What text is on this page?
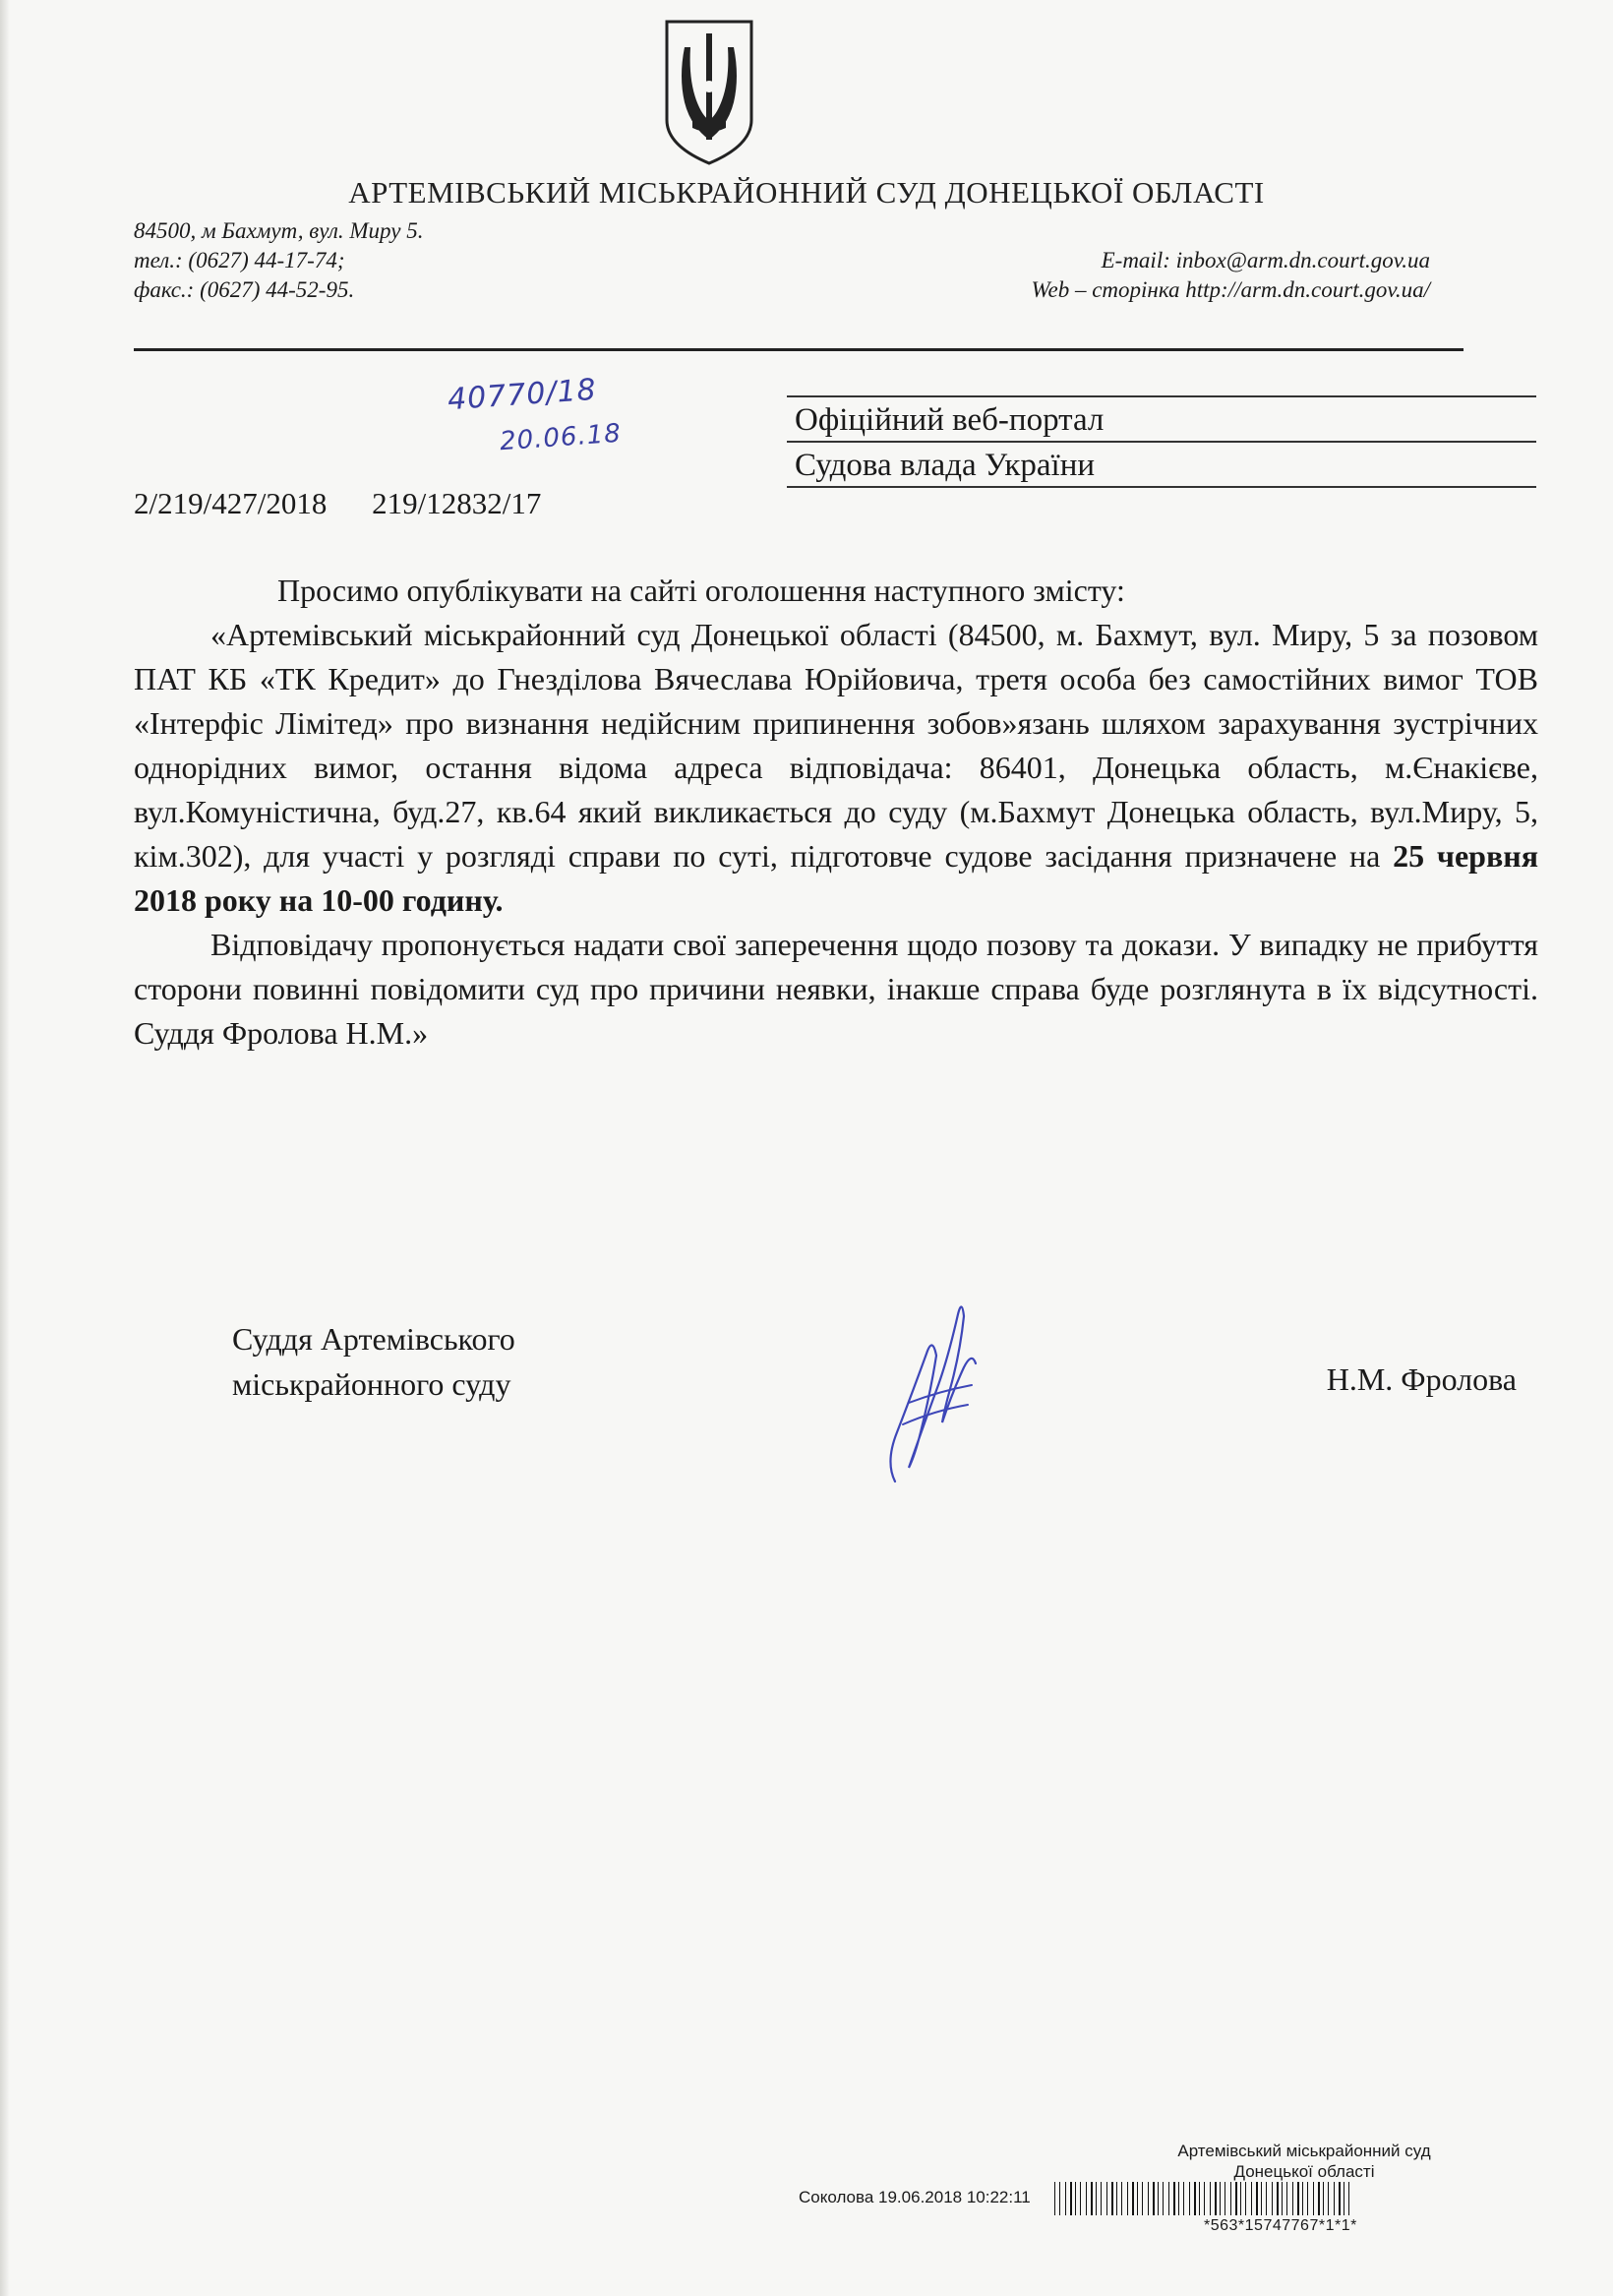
АРТЕМІВСЬКИЙ МІСЬКРАЙОННИЙ СУД ДОНЕЦЬКОЇ ОБЛАСТІ
84500, м Бахмут, вул. Миру 5.
тел.: (0627) 44-17-74;
факс.: (0627) 44-52-95.
E-mail: inbox@arm.dn.court.gov.ua
Web – сторінка http://arm.dn.court.gov.ua/
40770/18
20.06.18	Офіційний веб-портал
Судова влада України
2/219/427/2018 219/12832/17

Просимо опублікувати на сайті оголошення наступного змісту:

«Артемівський міськрайонний суд Донецької області (84500, м. Бахмут, вул. Миру, 5 за позовом ПАТ КБ «ТК Кредит» до Гнезділова Вячеслава Юрійовича, третя особа без самостійних вимог ТОВ «Інтерфіс Лімітед» про визнання недійсним припинення зобов»язань шляхом зарахування зустрічних однорідних вимог, остання відома адреса відповідача: 86401, Донецька область, м.Єнакієве, вул.Комуністична, буд.27, кв.64 який викликається до суду (м.Бахмут Донецька область, вул.Миру, 5, кім.302), для участі у розгляді справи по суті, підготовче судове засідання призначене на 25 червня 2018 року на 10-00 годину.

Відповідачу пропонується надати свої заперечення щодо позову та докази. У випадку не прибуття сторони повинні повідомити суд про причини неявки, інакше справа буде розглянута в їх відсутності. Суддя Фролова Н.М.»

Суддя Артемівського
міськрайонного суду	Н.М. Фролова
Артемівський міськрайонний суд
Донецької області
Соколова 19.06.2018 10:22:11
*563*15747767*1*1*
